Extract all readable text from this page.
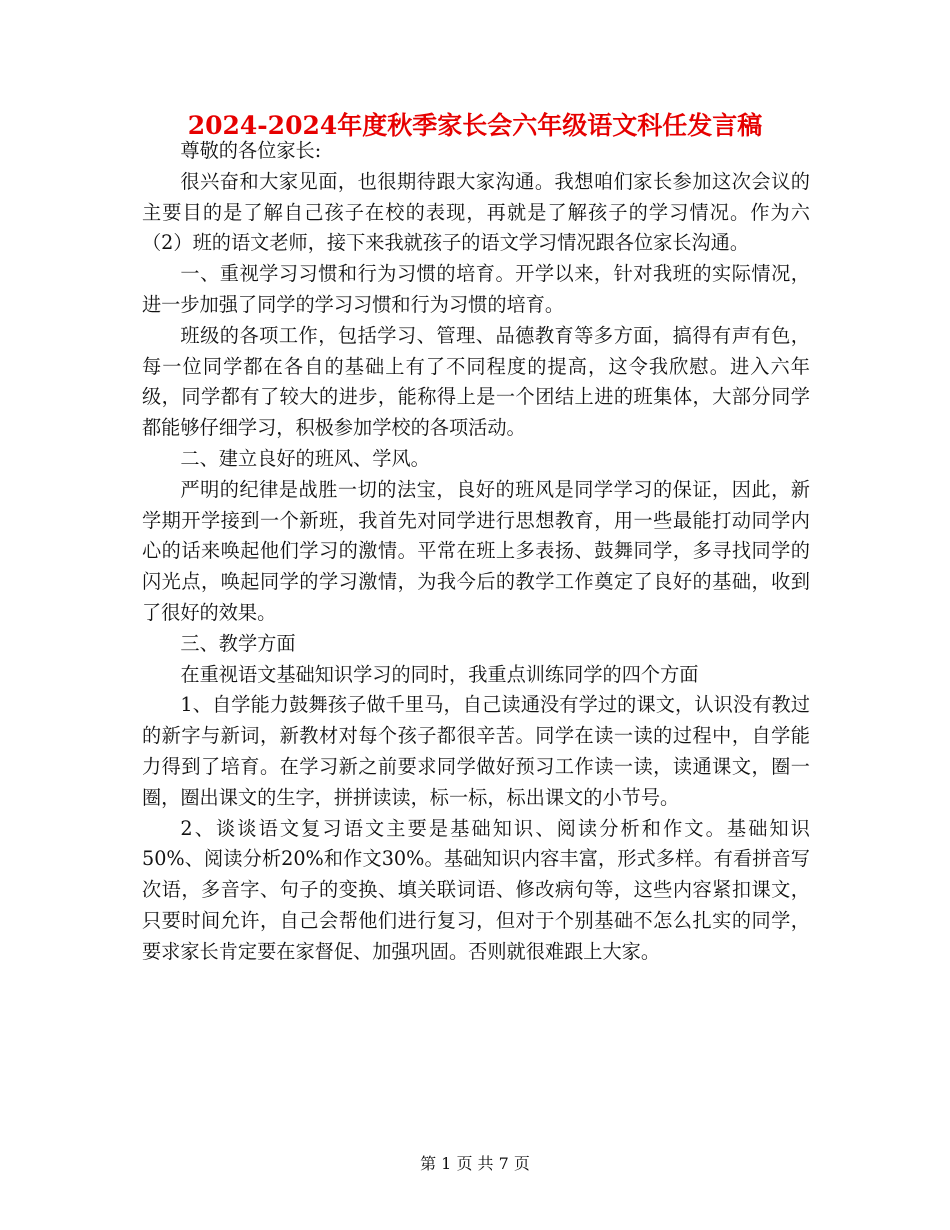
2024-2024年度秋季家长会六年级语文科任发言稿

尊敬的各位家长:

很兴奋和大家见面，也很期待跟大家沟通。我想咱们家长参加这次会议的主要目的是了解自己孩子在校的表现，再就是了解孩子的学习情况。作为六（2）班的语文老师，接下来我就孩子的语文学习情况跟各位家长沟通。

一、重视学习习惯和行为习惯的培育。开学以来，针对我班的实际情况，进一步加强了同学的学习习惯和行为习惯的培育。

班级的各项工作，包括学习、管理、品德教育等多方面，搞得有声有色，每一位同学都在各自的基础上有了不同程度的提高，这令我欣慰。进入六年级，同学都有了较大的进步，能称得上是一个团结上进的班集体，大部分同学都能够仔细学习，积极参加学校的各项活动。

二、建立良好的班风、学风。

严明的纪律是战胜一切的法宝，良好的班风是同学学习的保证，因此，新学期开学接到一个新班，我首先对同学进行思想教育，用一些最能打动同学内心的话来唤起他们学习的激情。平常在班上多表扬、鼓舞同学，多寻找同学的闪光点，唤起同学的学习激情，为我今后的教学工作奠定了良好的基础，收到了很好的效果。

三、教学方面

在重视语文基础知识学习的同时，我重点训练同学的四个方面

1、自学能力鼓舞孩子做千里马，自己读通没有学过的课文，认识没有教过的新字与新词，新教材对每个孩子都很辛苦。同学在读一读的过程中，自学能力得到了培育。在学习新之前要求同学做好预习工作读一读，读通课文，圈一圈，圈出课文的生字，拼拼读读，标一标，标出课文的小节号。

2、谈谈语文复习语文主要是基础知识、阅读分析和作文。基础知识50%、阅读分析20%和作文30%。基础知识内容丰富，形式多样。有看拼音写次语，多音字、句子的变换、填关联词语、修改病句等，这些内容紧扣课文，只要时间允许，自己会帮他们进行复习，但对于个别基础不怎么扎实的同学，要求家长肯定要在家督促、加强巩固。否则就很难跟上大家。

第 1 页 共 7 页
